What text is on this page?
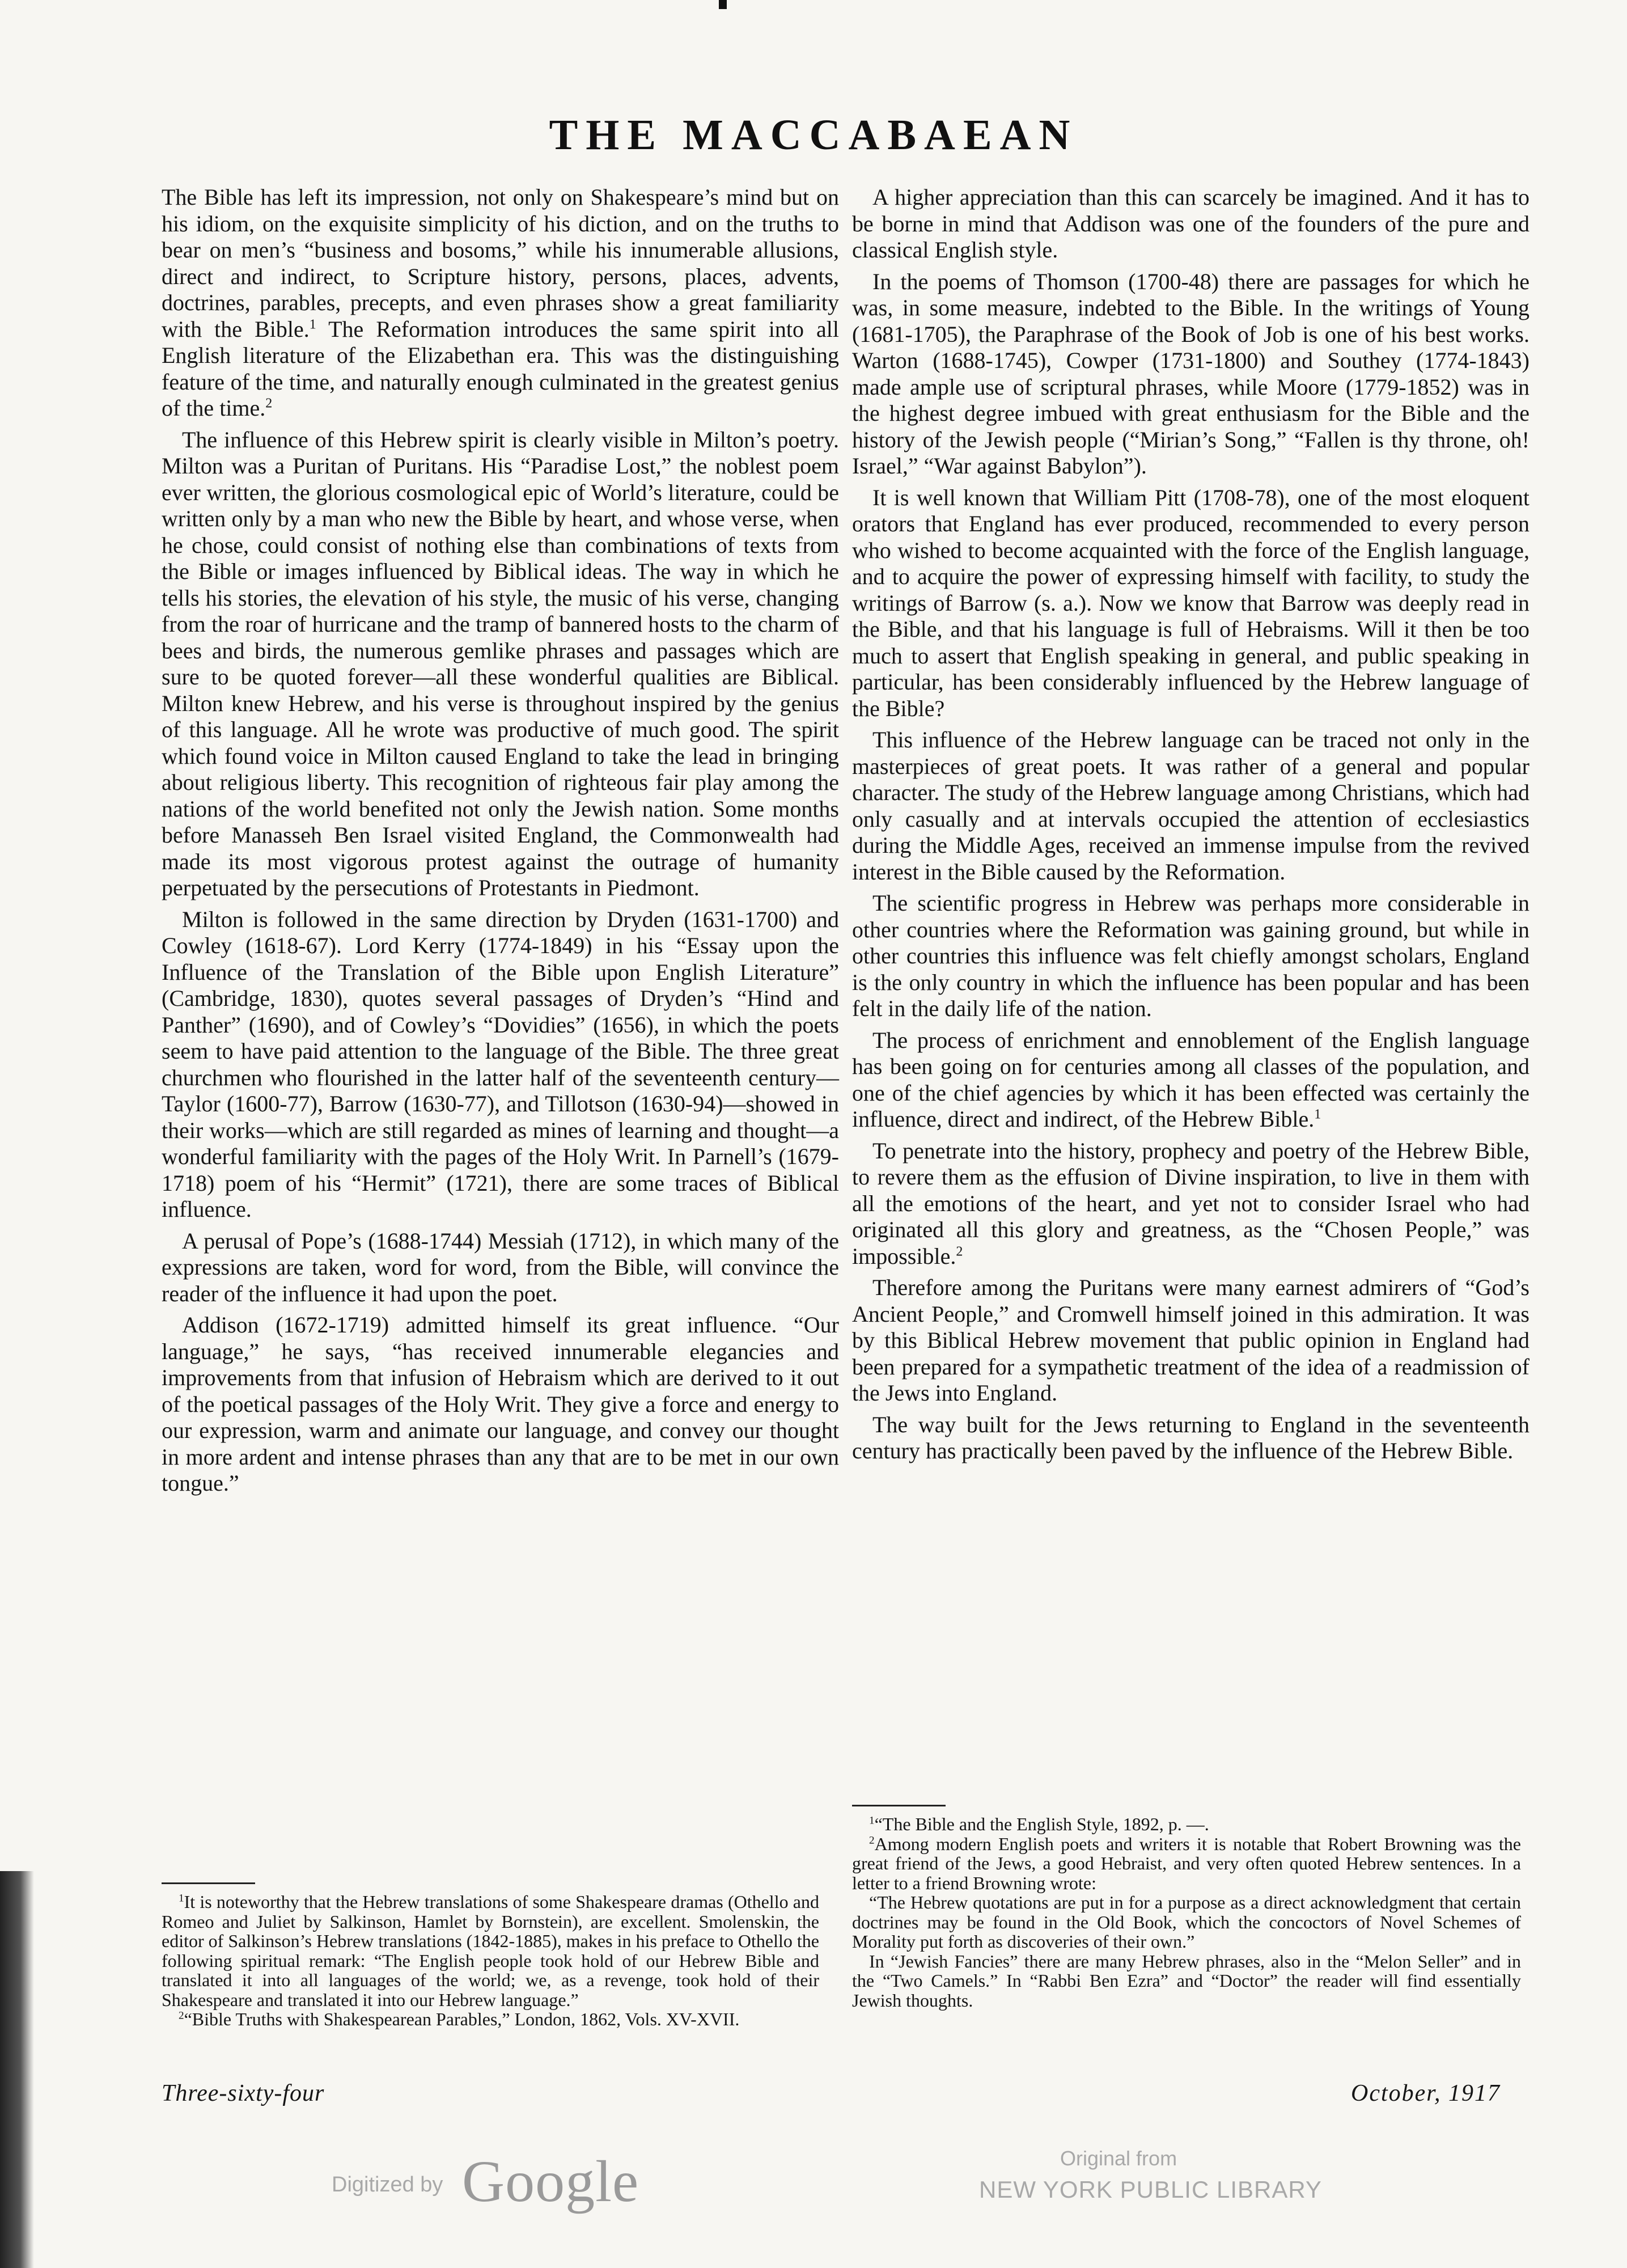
THE MACCABAEAN

The Bible has left its impression, not only on Shakespeare’s mind but on his idiom, on the exquisite simplicity of his diction, and on the truths to bear on men’s “business and bosoms,” while his innumerable allusions, direct and indirect, to Scripture history, persons, places, advents, doctrines, parables, precepts, and even phrases show a great familiarity with the Bible.$^1$ The Reformation introduces the same spirit into all English literature of the Elizabethan era. This was the distinguishing feature of the time, and naturally enough culminated in the greatest genius of the time.$^2$

The influence of this Hebrew spirit is clearly visible in Milton’s poetry. Milton was a Puritan of Puritans. His “Paradise Lost,” the noblest poem ever written, the glorious cosmological epic of World’s literature, could be written only by a man who new the Bible by heart, and whose verse, when he chose, could consist of nothing else than combinations of texts from the Bible or images influenced by Biblical ideas. The way in which he tells his stories, the elevation of his style, the music of his verse, changing from the roar of hurricane and the tramp of bannered hosts to the charm of bees and birds, the numerous gemlike phrases and passages which are sure to be quoted forever—all these wonderful qualities are Biblical. Milton knew Hebrew, and his verse is throughout inspired by the genius of this language. All he wrote was productive of much good. The spirit which found voice in Milton caused England to take the lead in bringing about religious liberty. This recognition of righteous fair play among the nations of the world benefited not only the Jewish nation. Some months before Manasseh Ben Israel visited England, the Commonwealth had made its most vigorous protest against the outrage of humanity perpetuated by the persecutions of Protestants in Piedmont.

Milton is followed in the same direction by Dryden (1631-1700) and Cowley (1618-67). Lord Kerry (1774-1849) in his “Essay upon the Influence of the Translation of the Bible upon English Literature” (Cambridge, 1830), quotes several passages of Dryden’s “Hind and Panther” (1690), and of Cowley’s “Dovidies” (1656), in which the poets seem to have paid attention to the language of the Bible. The three great churchmen who flourished in the latter half of the seventeenth century—Taylor (1600-77), Barrow (1630-77), and Tillotson (1630-94)—showed in their works—which are still regarded as mines of learning and thought—a wonderful familiarity with the pages of the Holy Writ. In Parnell’s (1679-1718) poem of his “Hermit” (1721), there are some traces of Biblical influence.

A perusal of Pope’s (1688-1744) Messiah (1712), in which many of the expressions are taken, word for word, from the Bible, will convince the reader of the influence it had upon the poet.

Addison (1672-1719) admitted himself its great influence. “Our language,” he says, “has received innumerable elegancies and improvements from that infusion of Hebraism which are derived to it out of the poetical passages of the Holy Writ. They give a force and energy to our expression, warm and animate our language, and convey our thought in more ardent and intense phrases than any that are to be met in our own tongue.”

A higher appreciation than this can scarcely be imagined. And it has to be borne in mind that Addison was one of the founders of the pure and classical English style.

In the poems of Thomson (1700-48) there are passages for which he was, in some measure, indebted to the Bible. In the writings of Young (1681-1705), the Paraphrase of the Book of Job is one of his best works. Warton (1688-1745), Cowper (1731-1800) and Southey (1774-1843) made ample use of scriptural phrases, while Moore (1779-1852) was in the highest degree imbued with great enthusiasm for the Bible and the history of the Jewish people (“Mirian’s Song,” “Fallen is thy throne, oh! Israel,” “War against Babylon”).

It is well known that William Pitt (1708-78), one of the most eloquent orators that England has ever produced, recommended to every person who wished to become acquainted with the force of the English language, and to acquire the power of expressing himself with facility, to study the writings of Barrow (s. a.). Now we know that Barrow was deeply read in the Bible, and that his language is full of Hebraisms. Will it then be too much to assert that English speaking in general, and public speaking in particular, has been considerably influenced by the Hebrew language of the Bible?

This influence of the Hebrew language can be traced not only in the masterpieces of great poets. It was rather of a general and popular character. The study of the Hebrew language among Christians, which had only casually and at intervals occupied the attention of ecclesiastics during the Middle Ages, received an immense impulse from the revived interest in the Bible caused by the Reformation.

The scientific progress in Hebrew was perhaps more considerable in other countries where the Reformation was gaining ground, but while in other countries this influence was felt chiefly amongst scholars, England is the only country in which the influence has been popular and has been felt in the daily life of the nation.

The process of enrichment and ennoblement of the English language has been going on for centuries among all classes of the population, and one of the chief agencies by which it has been effected was certainly the influence, direct and indirect, of the Hebrew Bible.$^1$

To penetrate into the history, prophecy and poetry of the Hebrew Bible, to revere them as the effusion of Divine inspiration, to live in them with all the emotions of the heart, and yet not to consider Israel who had originated all this glory and greatness, as the “Chosen People,” was impossible.$^2$

Therefore among the Puritans were many earnest admirers of “God’s Ancient People,” and Cromwell himself joined in this admiration. It was by this Biblical Hebrew movement that public opinion in England had been prepared for a sympathetic treatment of the idea of a readmission of the Jews into England.

The way built for the Jews returning to England in the seventeenth century has practically been paved by the influence of the Hebrew Bible.

$^1$It is noteworthy that the Hebrew translations of some Shakespeare dramas (Othello and Romeo and Juliet by Salkinson, Hamlet by Bornstein), are excellent. Smolenskin, the editor of Salkinson’s Hebrew translations (1842-1885), makes in his preface to Othello the following spiritual remark: “The English people took hold of our Hebrew Bible and translated it into all languages of the world; we, as a revenge, took hold of their Shakespeare and translated it into our Hebrew language.”

$^2$“Bible Truths with Shakespearean Parables,” London, 1862, Vols. XV-XVII.

$^1$“The Bible and the English Style, 1892, p. —.

$^2$Among modern English poets and writers it is notable that Robert Browning was the great friend of the Jews, a good Hebraist, and very often quoted Hebrew sentences. In a letter to a friend Browning wrote:

“The Hebrew quotations are put in for a purpose as a direct acknowledgment that certain doctrines may be found in the Old Book, which the concoctors of Novel Schemes of Morality put forth as discoveries of their own.”

In “Jewish Fancies” there are many Hebrew phrases, also in the “Melon Seller” and in the “Two Camels.” In “Rabbi Ben Ezra” and “Doctor” the reader will find essentially Jewish thoughts.

Three-sixty-four	October, 1917
Digitized by Google	Original from
NEW YORK PUBLIC LIBRARY
